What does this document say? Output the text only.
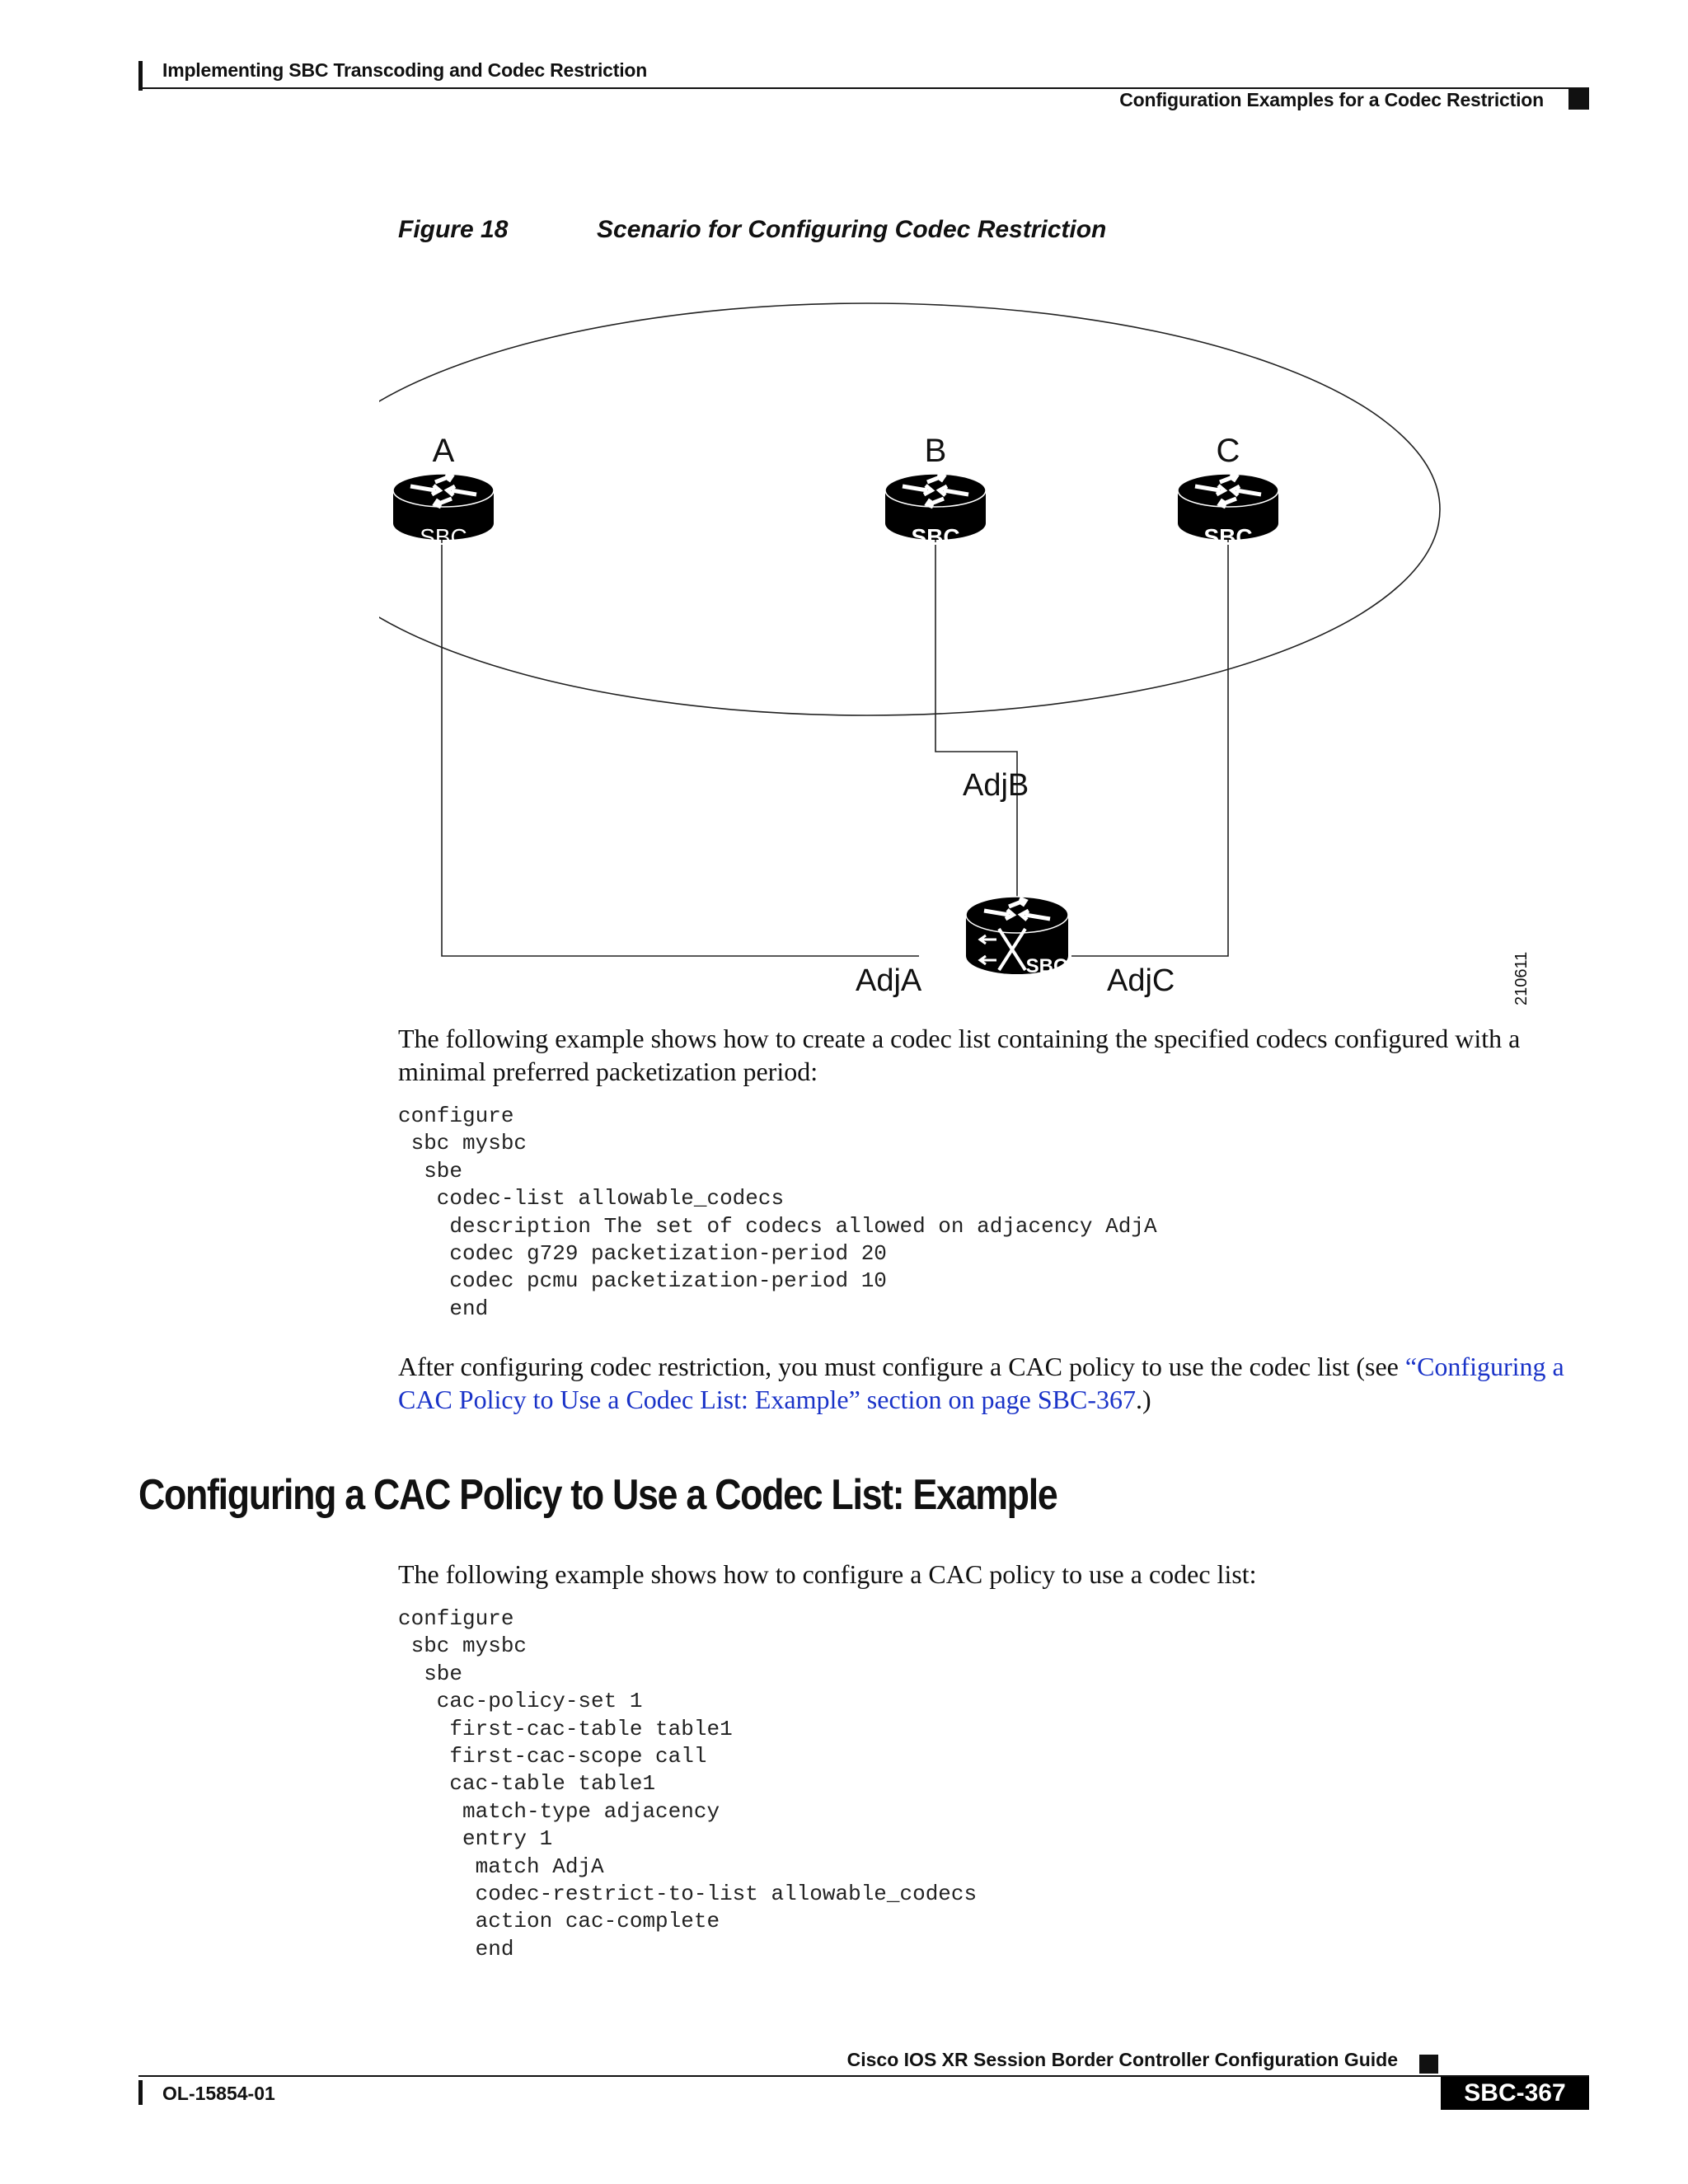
Implementing SBC Transcoding and Codec Restriction
Configuration Examples for a Codec Restriction
Figure 18	Scenario for Configuring Codec Restriction
A
SBC
B
SBC
C
SBC
SBC
AdjB
AdjA	AdjC	210611
The following example shows how to create a codec list containing the specified codecs configured with a minimal preferred packetization period:
configure
sbc mysbc
sbe
codec-list allowable_codecs
description The set of codecs allowed on adjacency AdjA
codec g729 packetization-period 20
codec pcmu packetization-period 10
end
After configuring codec restriction, you must configure a CAC policy to use the codec list (see “Configuring a CAC Policy to Use a Codec List: Example” section on page SBC-367.)
Configuring a CAC Policy to Use a Codec List: Example
The following example shows how to configure a CAC policy to use a codec list:
configure
sbc mysbc
sbe
cac-policy-set 1
first-cac-table table1
first-cac-scope call
cac-table table1
match-type adjacency
entry 1
match AdjA
codec-restrict-to-list allowable_codecs
action cac-complete
end
Cisco IOS XR Session Border Controller Configuration Guide
OL-15854-01	SBC-367
